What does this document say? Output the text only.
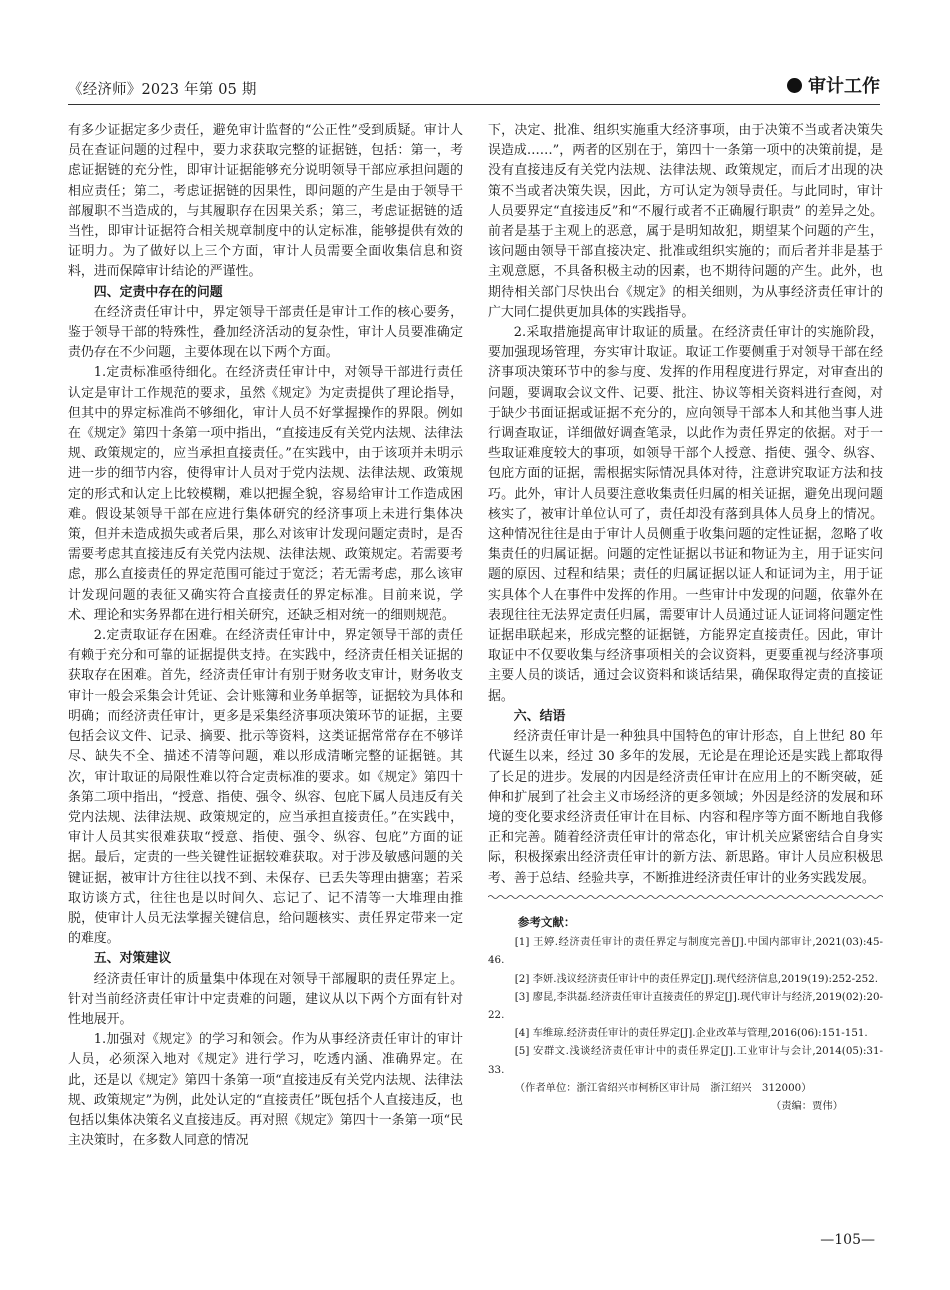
《经济师》2023 年第 05 期	审计工作

有多少证据定多少责任，避免审计监督的“公正性”受到质疑。审计人员在查证问题的过程中，要力求获取完整的证据链，包括：第一，考虑证据链的充分性，即审计证据能够充分说明领导干部应承担问题的相应责任；第二，考虑证据链的因果性，即问题的产生是由于领导干部履职不当造成的，与其履职存在因果关系；第三，考虑证据链的适当性，即审计证据符合相关规章制度中的认定标准，能够提供有效的证明力。为了做好以上三个方面，审计人员需要全面收集信息和资料，进而保障审计结论的严谨性。

四、定责中存在的问题

在经济责任审计中，界定领导干部责任是审计工作的核心要务，鉴于领导干部的特殊性，叠加经济活动的复杂性，审计人员要准确定责仍存在不少问题，主要体现在以下两个方面。

1.定责标准亟待细化。在经济责任审计中，对领导干部进行责任认定是审计工作规范的要求，虽然《规定》为定责提供了理论指导，但其中的界定标准尚不够细化，审计人员不好掌握操作的界限。例如在《规定》第四十条第一项中指出，“直接违反有关党内法规、法律法规、政策规定的，应当承担直接责任。”在实践中，由于该项并未明示进一步的细节内容，使得审计人员对于党内法规、法律法规、政策规定的形式和认定上比较模糊，难以把握全貌，容易给审计工作造成困难。假设某领导干部在应进行集体研究的经济事项上未进行集体决策，但并未造成损失或者后果，那么对该审计发现问题定责时，是否需要考虑其直接违反有关党内法规、法律法规、政策规定。若需要考虑，那么直接责任的界定范围可能过于宽泛；若无需考虑，那么该审计发现问题的表征又确实符合直接责任的界定标准。目前来说，学术、理论和实务界都在进行相关研究，还缺乏相对统一的细则规范。

2.定责取证存在困难。在经济责任审计中，界定领导干部的责任有赖于充分和可靠的证据提供支持。在实践中，经济责任相关证据的获取存在困难。首先，经济责任审计有别于财务收支审计，财务收支审计一般会采集会计凭证、会计账簿和业务单据等，证据较为具体和明确；而经济责任审计，更多是采集经济事项决策环节的证据，主要包括会议文件、记录、摘要、批示等资料，这类证据常常存在不够详尽、缺失不全、描述不清等问题，难以形成清晰完整的证据链。其次，审计取证的局限性难以符合定责标准的要求。如《规定》第四十条第二项中指出，“授意、指使、强令、纵容、包庇下属人员违反有关党内法规、法律法规、政策规定的，应当承担直接责任。”在实践中，审计人员其实很难获取“授意、指使、强令、纵容、包庇”方面的证据。最后，定责的一些关键性证据较难获取。对于涉及敏感问题的关键证据，被审计方往往以找不到、未保存、已丢失等理由搪塞；若采取访谈方式，往往也是以时间久、忘记了、记不清等一大堆理由推脱，使审计人员无法掌握关键信息，给问题核实、责任界定带来一定的难度。

五、对策建议

经济责任审计的质量集中体现在对领导干部履职的责任界定上。针对当前经济责任审计中定责难的问题，建议从以下两个方面有针对性地展开。

1.加强对《规定》的学习和领会。作为从事经济责任审计的审计人员，必须深入地对《规定》进行学习，吃透内涵、准确界定。在此，还是以《规定》第四十条第一项“直接违反有关党内法规、法律法规、政策规定”为例，此处认定的“直接责任”既包括个人直接违反，也包括以集体决策名义直接违反。再对照《规定》第四十一条第一项“民主决策时，在多数人同意的情况

下，决定、批准、组织实施重大经济事项，由于决策不当或者决策失误造成……”，两者的区别在于，第四十一条第一项中的决策前提，是没有直接违反有关党内法规、法律法规、政策规定，而后才出现的决策不当或者决策失误，因此，方可认定为领导责任。与此同时，审计人员要界定“直接违反”和“不履行或者不正确履行职责” 的差异之处。前者是基于主观上的恶意，属于是明知故犯，期望某个问题的产生，该问题由领导干部直接决定、批准或组织实施的；而后者并非是基于主观意愿，不具备积极主动的因素，也不期待问题的产生。此外，也期待相关部门尽快出台《规定》的相关细则，为从事经济责任审计的广大同仁提供更加具体的实践指导。

2.采取措施提高审计取证的质量。在经济责任审计的实施阶段，要加强现场管理，夯实审计取证。取证工作要侧重于对领导干部在经济事项决策环节中的参与度、发挥的作用程度进行界定，对审查出的问题，要调取会议文件、记要、批注、协议等相关资料进行查阅，对于缺少书面证据或证据不充分的，应向领导干部本人和其他当事人进行调查取证，详细做好调查笔录，以此作为责任界定的依据。对于一些取证难度较大的事项，如领导干部个人授意、指使、强令、纵容、包庇方面的证据，需根据实际情况具体对待，注意讲究取证方法和技巧。此外，审计人员要注意收集责任归属的相关证据，避免出现问题核实了，被审计单位认可了，责任却没有落到具体人员身上的情况。这种情况往往是由于审计人员侧重于收集问题的定性证据，忽略了收集责任的归属证据。问题的定性证据以书证和物证为主，用于证实问题的原因、过程和结果；责任的归属证据以证人和证词为主，用于证实具体个人在事件中发挥的作用。一些审计中发现的问题，依靠外在表现往往无法界定责任归属，需要审计人员通过证人证词将问题定性证据串联起来，形成完整的证据链，方能界定直接责任。因此，审计取证中不仅要收集与经济事项相关的会议资料，更要重视与经济事项主要人员的谈话，通过会议资料和谈话结果，确保取得定责的直接证据。

六、结语

经济责任审计是一种独具中国特色的审计形态，自上世纪 80 年代诞生以来，经过 30 多年的发展，无论是在理论还是实践上都取得了长足的进步。发展的内因是经济责任审计在应用上的不断突破，延伸和扩展到了社会主义市场经济的更多领域；外因是经济的发展和环境的变化要求经济责任审计在目标、内容和程序等方面不断地自我修正和完善。随着经济责任审计的常态化，审计机关应紧密结合自身实际，积极探索出经济责任审计的新方法、新思路。审计人员应积极思考、善于总结、经验共享，不断推进经济责任审计的业务实践发展。

参考文献：

[1] 王婷.经济责任审计的责任界定与制度完善[J].中国内部审计,2021(03):45-46.

[2] 李妍.浅议经济责任审计中的责任界定[J].现代经济信息,2019(19):252-252.

[3] 廖昆,李洪磊.经济责任审计直接责任的界定[J].现代审计与经济,2019(02):20-22.

[4] 车维琼.经济责任审计的责任界定[J].企业改革与管理,2016(06):151-151.

[5] 安群文.浅谈经济责任审计中的责任界定[J].工业审计与会计,2014(05):31-33.

（作者单位：浙江省绍兴市柯桥区审计局　浙江绍兴　312000）

（责编：贾伟）

—105—
